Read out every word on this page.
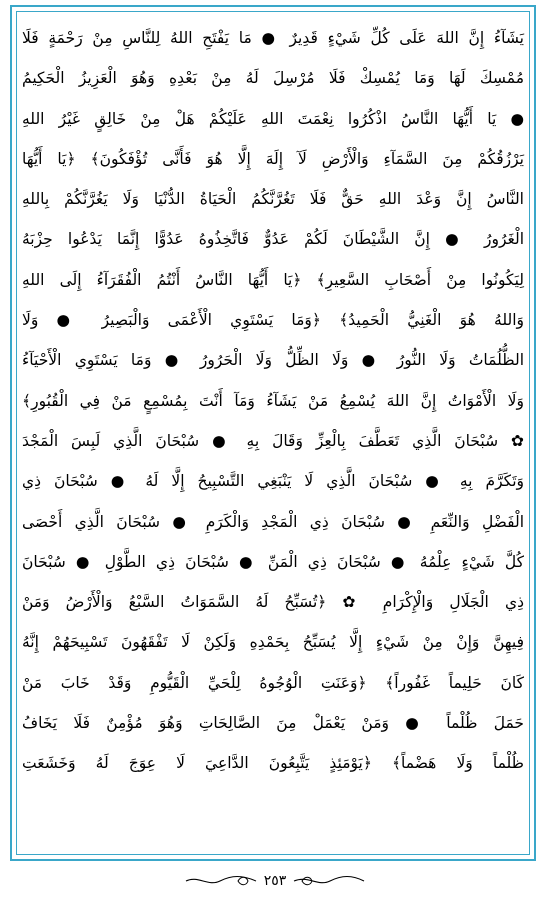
يَشَآءُ إِنَّ اللهَ عَلَى كُلِّ شَيْءٍ قَدِيرٌ ● مَا يَفْتَحِ اللهُ لِلنَّاسِ مِنْ رَحْمَةٍ فَلَا
مُمْسِكَ لَهَا وَمَا يُمْسِكْ فَلَا مُرْسِلَ لَهُ مِنْ بَعْدِهِ وَهُوَ الْعَزِيزُ الْحَكِيمُ
● يَا أَيُّهَا النَّاسُ اذْكُرُوا نِعْمَتَ اللهِ عَلَيْكُمْ هَلْ مِنْ خَالِقٍ غَيْرُ اللهِ
يَرْزُقُكُمْ مِنَ السَّمَآءِ وَالْأَرْضِ لَآ إِلَهَ إِلَّا هُوَ فَأَنَّى تُؤْفَكُونَ﴾ ﴿يَا أَيُّهَا
النَّاسُ إِنَّ وَعْدَ اللهِ حَقٌّ فَلَا تَغُرَّنَّكُمُ الْحَيَاةُ الدُّنْيَا وَلَا يَغُرَّنَّكُمْ بِاللهِ
الْغَرُورُ ● إِنَّ الشَّيْطَانَ لَكُمْ عَدُوٌّ فَاتَّخِذُوهُ عَدُوًّا إِنَّمَا يَدْعُوا حِزْبَهُ
لِيَكُونُوا مِنْ أَصْحَابِ السَّعِيرِ﴾ ﴿يَا أَيُّهَا النَّاسُ أَنْتُمُ الْفُقَرَآءُ إِلَى اللهِ
وَاللهُ هُوَ الْغَنِيُّ الْحَمِيدُ﴾ ﴿وَمَا يَسْتَوِي الْأَعْمَى وَالْبَصِيرُ ● وَلَا
الظُّلُمَاتُ وَلَا النُّورُ ● وَلَا الظِّلُّ وَلَا الْحَرُورُ ● وَمَا يَسْتَوِي الْأَحْيَآءُ
وَلَا الْأَمْوَاتُ إِنَّ اللهَ يُسْمِعُ مَنْ يَشَآءُ وَمَآ أَنْتَ بِمُسْمِعٍ مَنْ فِي الْقُبُورِ﴾
✿ سُبْحَانَ الَّذِي تَعَطَّفَ بِالْعِزِّ وَقَالَ بِهِ ● سُبْحَانَ الَّذِي لَبِسَ الْمَجْدَ
وَتَكَرَّمَ بِهِ ● سُبْحَانَ الَّذِي لَا يَنْبَغِي التَّسْبِيحُ إِلَّا لَهُ ● سُبْحَانَ ذِي
الْفَضْلِ وَالنِّعَمِ ● سُبْحَانَ ذِي الْمَجْدِ وَالْكَرَمِ ● سُبْحَانَ الَّذِي أَحْصَى
كُلَّ شَيْءٍ عِلْمُهُ ● سُبْحَانَ ذِي الْمَنِّ ● سُبْحَانَ ذِي الطَّوْلِ ● سُبْحَانَ
ذِي الْجَلَالِ وَالْإِكْرَامِ ✿ ﴿تُسَبِّحُ لَهُ السَّمَوَاتُ السَّبْعُ وَالْأَرْضُ وَمَنْ
فِيهِنَّ وَإِنْ مِنْ شَيْءٍ إِلَّا يُسَبِّحُ بِحَمْدِهِ وَلَكِنْ لَا تَفْقَهُونَ تَسْبِيحَهُمْ إِنَّهُ
كَانَ حَلِيماً غَفُوراً﴾ ﴿وَعَنَتِ الْوُجُوهُ لِلْحَيِّ الْقَيُّومِ وَقَدْ خَابَ مَنْ
حَمَلَ ظُلْماً ● وَمَنْ يَعْمَلْ مِنَ الصَّالِحَاتِ وَهُوَ مُؤْمِنٌ فَلَا يَخَافُ
ظُلْماً وَلَا هَضْماً﴾ ﴿يَوْمَئِذٍ يَتَّبِعُونَ الدَّاعِيَ لَا عِوَجَ لَهُ وَخَشَعَتِ
٢٥٣
